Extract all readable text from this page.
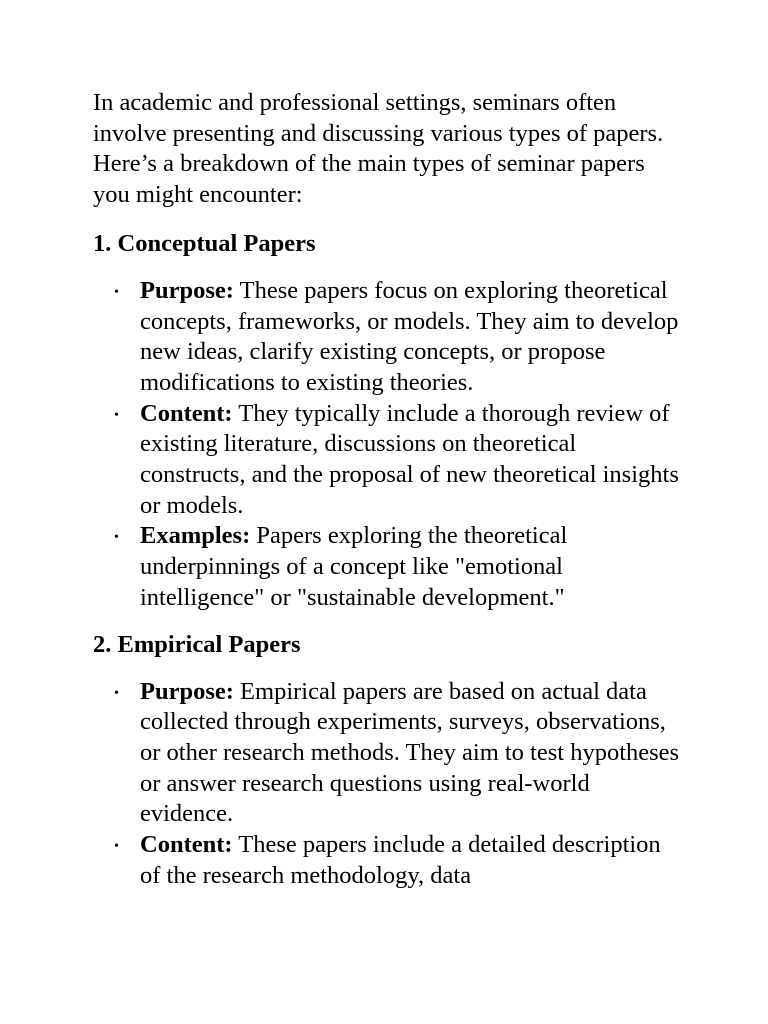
In academic and professional settings, seminars often involve presenting and discussing various types of papers. Here’s a breakdown of the main types of seminar papers you might encounter:

1. Conceptual Papers
• Purpose: These papers focus on exploring theoretical concepts, frameworks, or models. They aim to develop new ideas, clarify existing concepts, or propose modifications to existing theories.
• Content: They typically include a thorough review of existing literature, discussions on theoretical constructs, and the proposal of new theoretical insights or models.
• Examples: Papers exploring the theoretical underpinnings of a concept like "emotional intelligence" or "sustainable development."
2. Empirical Papers
• Purpose: Empirical papers are based on actual data collected through experiments, surveys, observations, or other research methods. They aim to test hypotheses or answer research questions using real-world evidence.
• Content: These papers include a detailed description of the research methodology, data
